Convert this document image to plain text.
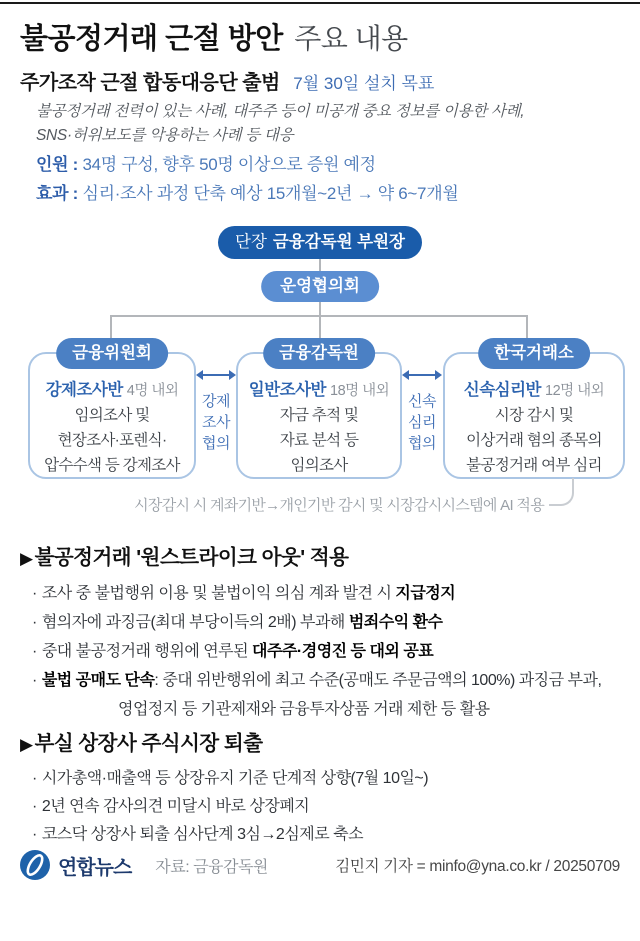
불공정거래 근절 방안 주요 내용
주가조작 근절 합동대응단 출범 7월 30일 설치 목표
불공정거래 전력이 있는 사례, 대주주 등이 미공개 중요 정보를 이용한 사례,
SNS·허위보도를 악용하는 사례 등 대응
인원 : 34명 구성, 향후 50명 이상으로 증원 예정
효과 : 심리·조사 과정 단축 예상 15개월~2년 → 약 6~7개월
단장 금융감독원 부원장
운영협의회
금융위원회
강제조사반 4명 내외
임의조사 및
현장조사·포렌식·
압수수색 등 강제조사
금융감독원
일반조사반 18명 내외
자금 추적 및
자료 분석 등
임의조사
한국거래소
신속심리반 12명 내외
시장 감시 및
이상거래 혐의 종목의
불공정거래 여부 심리
강제
조사
협의
신속
심리
협의
시장감시 시 계좌기반→개인기반 감시 및 시장감시시스템에 AI 적용
▶불공정거래 '원스트라이크 아웃' 적용
· 조사 중 불법행위 이용 및 불법이익 의심 계좌 발견 시 지급정지
· 혐의자에 과징금(최대 부당이득의 2배) 부과해 범죄수익 환수
· 중대 불공정거래 행위에 연루된 대주주·경영진 등 대외 공표
· 불법 공매도 단속: 중대 위반행위에 최고 수준(공매도 주문금액의 100%) 과징금 부과,
영업정지 등 기관제재와 금융투자상품 거래 제한 등 활용
▶부실 상장사 주식시장 퇴출
· 시가총액·매출액 등 상장유지 기준 단계적 상향(7월 10일~)
· 2년 연속 감사의견 미달시 바로 상장폐지
· 코스닥 상장사 퇴출 심사단계 3심→2심제로 축소
연합뉴스 자료: 금융감독원	김민지 기자 = minfo@yna.co.kr / 20250709
